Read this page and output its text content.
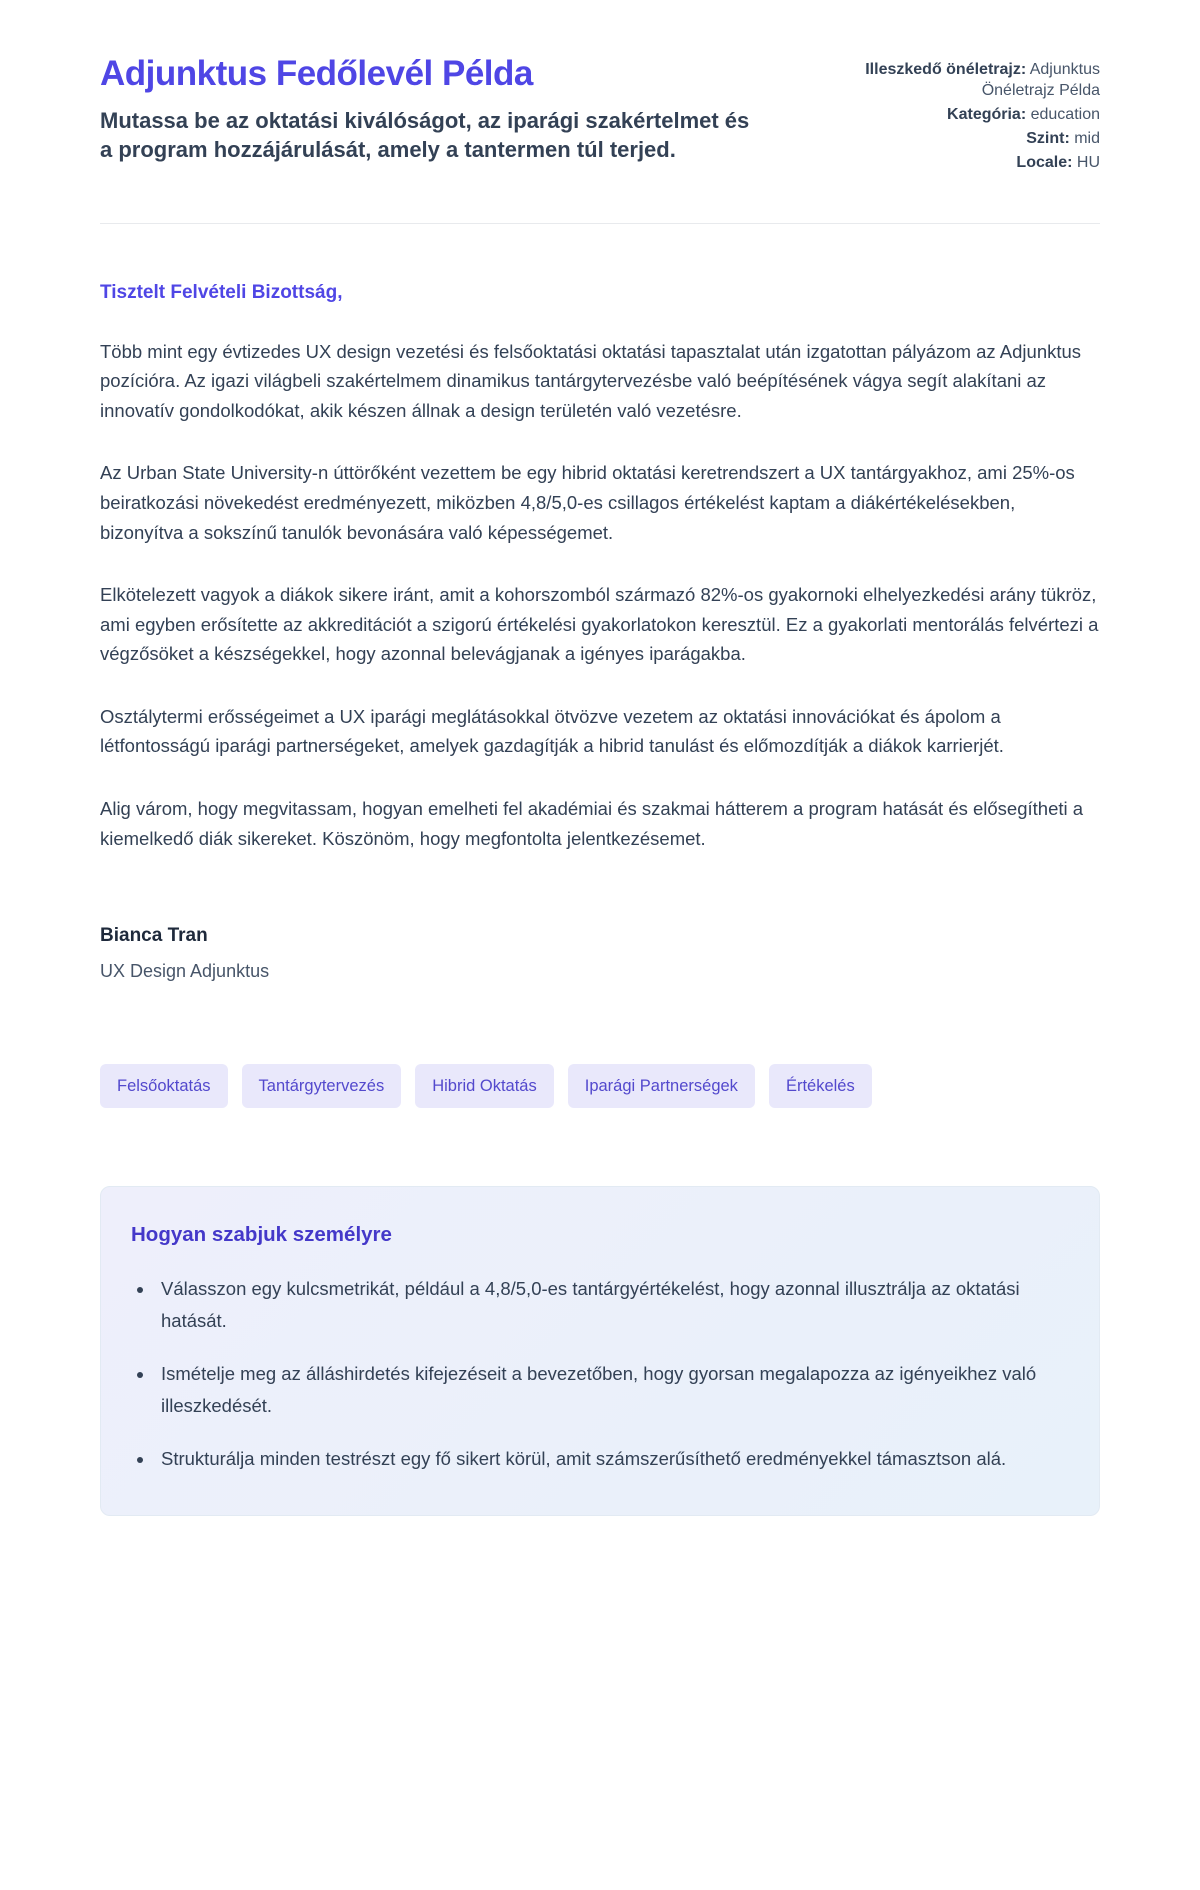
Adjunktus Fedőlevél Példa

Mutassa be az oktatási kiválóságot, az iparági szakértelmet és a program hozzájárulását, amely a tantermen túl terjed.

Illeszkedő önéletrajz: Adjunktus Önéletrajz Példa
Kategória: education
Szint: mid
Locale: HU

Tisztelt Felvételi Bizottság,

Több mint egy évtizedes UX design vezetési és felsőoktatási oktatási tapasztalat után izgatottan pályázom az Adjunktus pozícióra. Az igazi világbeli szakértelmem dinamikus tantárgytervezésbe való beépítésének vágya segít alakítani az innovatív gondolkodókat, akik készen állnak a design területén való vezetésre.

Az Urban State University-n úttörőként vezettem be egy hibrid oktatási keretrendszert a UX tantárgyakhoz, ami 25%-os beiratkozási növekedést eredményezett, miközben 4,8/5,0-es csillagos értékelést kaptam a diákértékelésekben, bizonyítva a sokszínű tanulók bevonására való képességemet.

Elkötelezett vagyok a diákok sikere iránt, amit a kohorszomból származó 82%-os gyakornoki elhelyezkedési arány tükröz, ami egyben erősítette az akkreditációt a szigorú értékelési gyakorlatokon keresztül. Ez a gyakorlati mentorálás felvértezi a végzősöket a készségekkel, hogy azonnal belevágjanak a igényes iparágakba.

Osztálytermi erősségeimet a UX iparági meglátásokkal ötvözve vezetem az oktatási innovációkat és ápolom a létfontosságú iparági partnerségeket, amelyek gazdagítják a hibrid tanulást és előmozdítják a diákok karrierjét.

Alig várom, hogy megvitassam, hogyan emelheti fel akadémiai és szakmai hátterem a program hatását és elősegítheti a kiemelkedő diák sikereket. Köszönöm, hogy megfontolta jelentkezésemet.

Bianca Tran

UX Design Adjunktus

Felsőoktatás	Tantárgytervezés	Hibrid Oktatás	Iparági Partnerségek	Értékelés
Hogyan szabjuk személyre
• Válasszon egy kulcsmetrikát, például a 4,8/5,0-es tantárgyértékelést, hogy azonnal illusztrálja az oktatási hatását.
• Ismételje meg az álláshirdetés kifejezéseit a bevezetőben, hogy gyorsan megalapozza az igényeikhez való illeszkedését.
• Strukturálja minden testrészt egy fő sikert körül, amit számszerűsíthető eredményekkel támasztson alá.
